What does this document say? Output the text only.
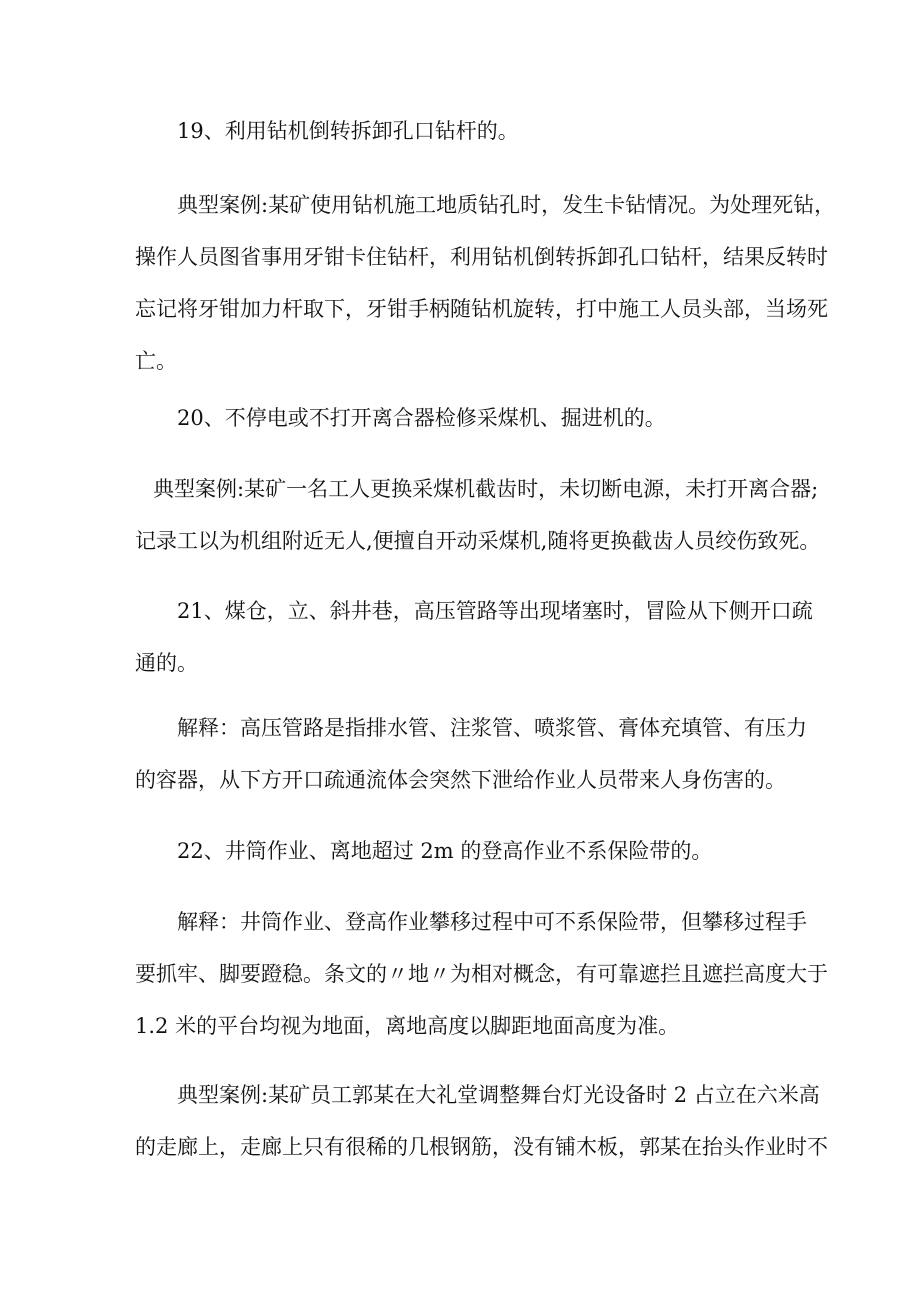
19、利用钻机倒转拆卸孔口钻杆的。
典型案例:某矿使用钻机施工地质钻孔时，发生卡钻情况。为处理死钻，
操作人员图省事用牙钳卡住钻杆，利用钻机倒转拆卸孔口钻杆，结果反转时
忘记将牙钳加力杆取下，牙钳手柄随钻机旋转，打中施工人员头部，当场死
亡。
20、不停电或不打开离合器检修采煤机、掘进机的。
典型案例:某矿一名工人更换采煤机截齿时，未切断电源，未打开离合器;
记录工以为机组附近无人,便擅自开动采煤机,随将更换截齿人员绞伤致死。
21、煤仓，立、斜井巷，高压管路等出现堵塞时，冒险从下侧开口疏
通的。
解释：高压管路是指排水管、注浆管、喷浆管、膏体充填管、有压力
的容器，从下方开口疏通流体会突然下泄给作业人员带来人身伤害的。
22、井筒作业、离地超过 2m 的登高作业不系保险带的。
解释：井筒作业、登高作业攀移过程中可不系保险带，但攀移过程手
要抓牢、脚要蹬稳。条文的〃地〃为相对概念，有可靠遮拦且遮拦高度大于
1.2 米的平台均视为地面，离地高度以脚距地面高度为准。
典型案例:某矿员工郭某在大礼堂调整舞台灯光设备时 2 占立在六米高
的走廊上，走廊上只有很稀的几根钢筋，没有铺木板，郭某在抬头作业时不
